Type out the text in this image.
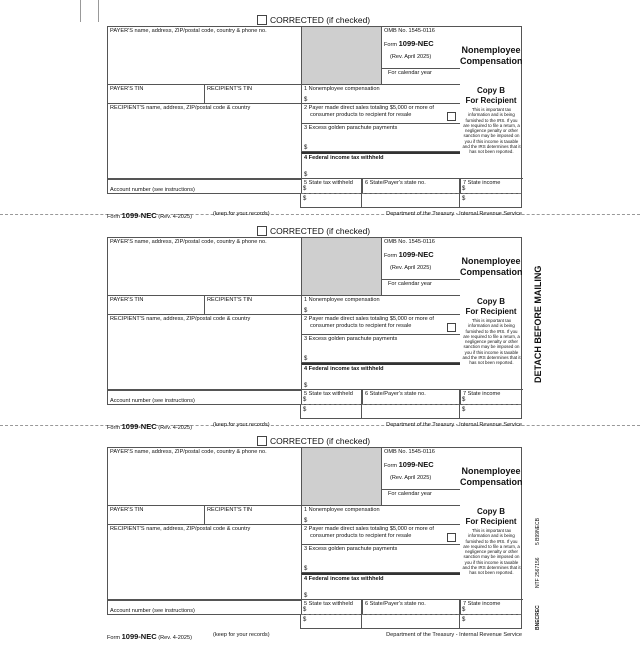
CORRECTED (if checked)
PAYER'S name, address, ZIP/postal code, country & phone no.	OMB No. 1545-0116
Form 1099-NEC
(Rev. April 2025)
For calendar year
Nonemployee
Compensation
PAYER'S TIN	RECIPIENT'S TIN	1 Nonemployee compensation
$
Copy B
For Recipient
RECIPIENT'S name, address, ZIP/postal code & country	2 Payer made direct sales totaling $5,000 or more of
consumer products to recipient for resale
3 Excess golden parachute payments
$
4 Federal income tax withheld
$
This is important tax information and is being furnished to the IRS. If you are required to file a return, a negligence penalty or other sanction may be imposed on you if this income is taxable and the IRS determines that it has not been reported.
Account number (see instructions)
5 State tax withheld	6 State/Payer's state no.	7 State income
$
$
$
$
Form 1099-NEC (Rev. 4-2025)	(keep for your records)	Department of the Treasury - Internal Revenue Service
CORRECTED (if checked)
PAYER'S name, address, ZIP/postal code, country & phone no.	OMB No. 1545-0116
Form 1099-NEC
(Rev. April 2025)
For calendar year
Nonemployee
Compensation
PAYER'S TIN	RECIPIENT'S TIN	1 Nonemployee compensation
$
Copy B
For Recipient
RECIPIENT'S name, address, ZIP/postal code & country	2 Payer made direct sales totaling $5,000 or more of
consumer products to recipient for resale
3 Excess golden parachute payments
$
4 Federal income tax withheld
$
This is important tax information and is being furnished to the IRS. If you are required to file a return, a negligence penalty or other sanction may be imposed on you if this income is taxable and the IRS determines that it has not been reported.
Account number (see instructions)
5 State tax withheld	6 State/Payer's state no.	7 State income
$
$
$
$
Form 1099-NEC (Rev. 4-2025)	(keep for your records)	Department of the Treasury - Internal Revenue Service
CORRECTED (if checked)
PAYER'S name, address, ZIP/postal code, country & phone no.	OMB No. 1545-0116
Form 1099-NEC
(Rev. April 2025)
For calendar year
Nonemployee
Compensation
PAYER'S TIN	RECIPIENT'S TIN	1 Nonemployee compensation
$
Copy B
For Recipient
RECIPIENT'S name, address, ZIP/postal code & country	2 Payer made direct sales totaling $5,000 or more of
consumer products to recipient for resale
3 Excess golden parachute payments
$
4 Federal income tax withheld
$
This is important tax information and is being furnished to the IRS. If you are required to file a return, a negligence penalty or other sanction may be imposed on you if this income is taxable and the IRS determines that it has not been reported.
Account number (see instructions)
5 State tax withheld	6 State/Payer's state no.	7 State income
$
$
$
$
Form 1099-NEC (Rev. 4-2025)	(keep for your records)	Department of the Treasury - Internal Revenue Service
DETACH BEFORE MAILING
5 B99NECB
NTF 2567156
BNECREC
